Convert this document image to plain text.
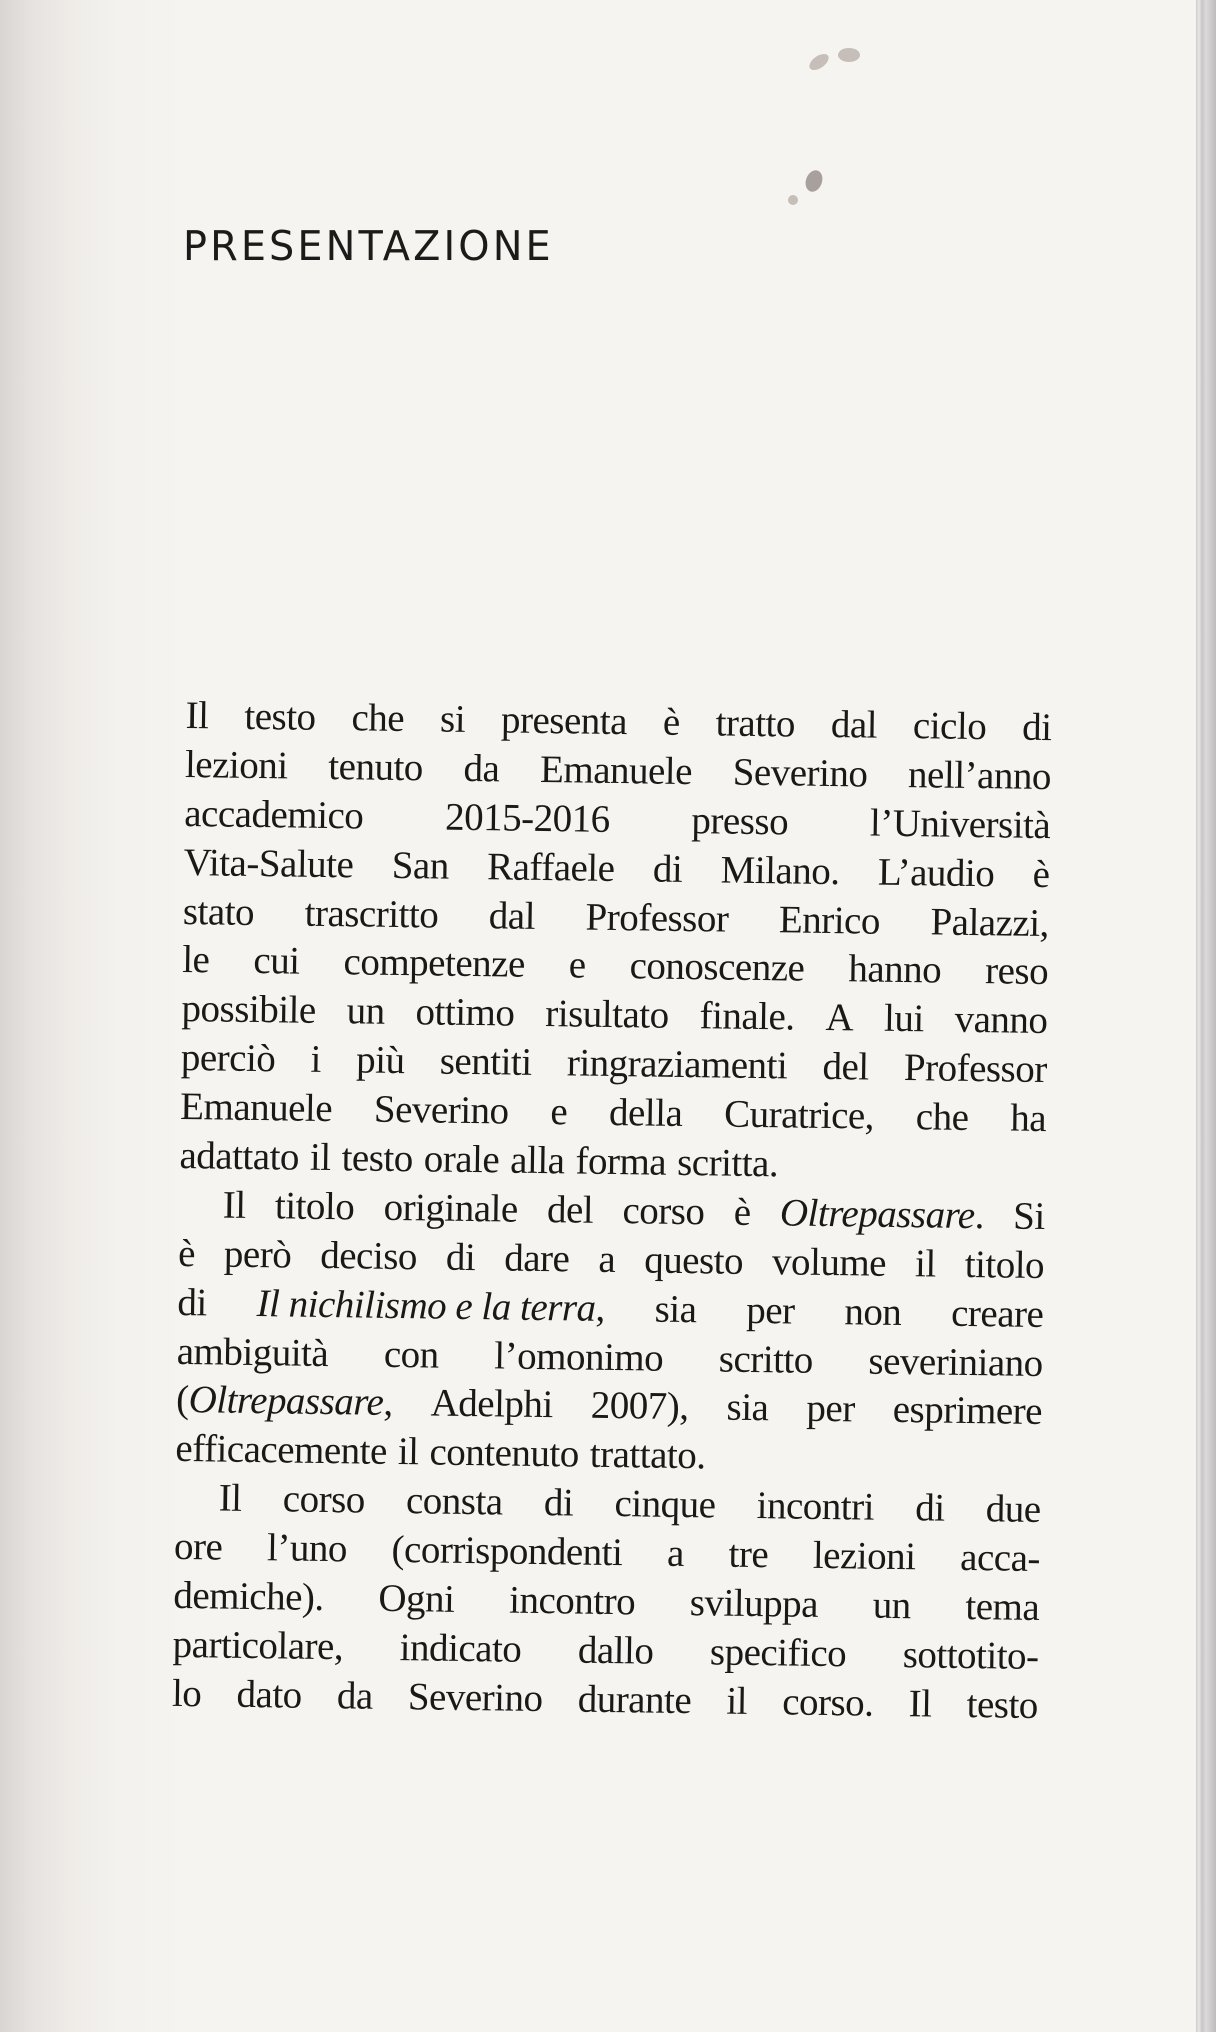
PRESENTAZIONE
Il testo che si presenta è tratto dal ciclo di
lezioni tenuto da Emanuele Severino nell’anno
accademico 2015-2016 presso l’Università
Vita-Salute San Raffaele di Milano. L’audio è
stato trascritto dal Professor Enrico Palazzi,
le cui competenze e conoscenze hanno reso
possibile un ottimo risultato finale. A lui vanno
perciò i più sentiti ringraziamenti del Professor
Emanuele Severino e della Curatrice, che ha
adattato il testo orale alla forma scritta.
Il titolo originale del corso è Oltrepassare. Si
è però deciso di dare a questo volume il titolo
di Il nichilismo e la terra, sia per non creare
ambiguità con l’omonimo scritto severiniano
(Oltrepassare, Adelphi 2007), sia per esprimere
efficacemente il contenuto trattato.
Il corso consta di cinque incontri di due
ore l’uno (corrispondenti a tre lezioni acca-
demiche). Ogni incontro sviluppa un tema
particolare, indicato dallo specifico sottotito-
lo dato da Severino durante il corso. Il testo
